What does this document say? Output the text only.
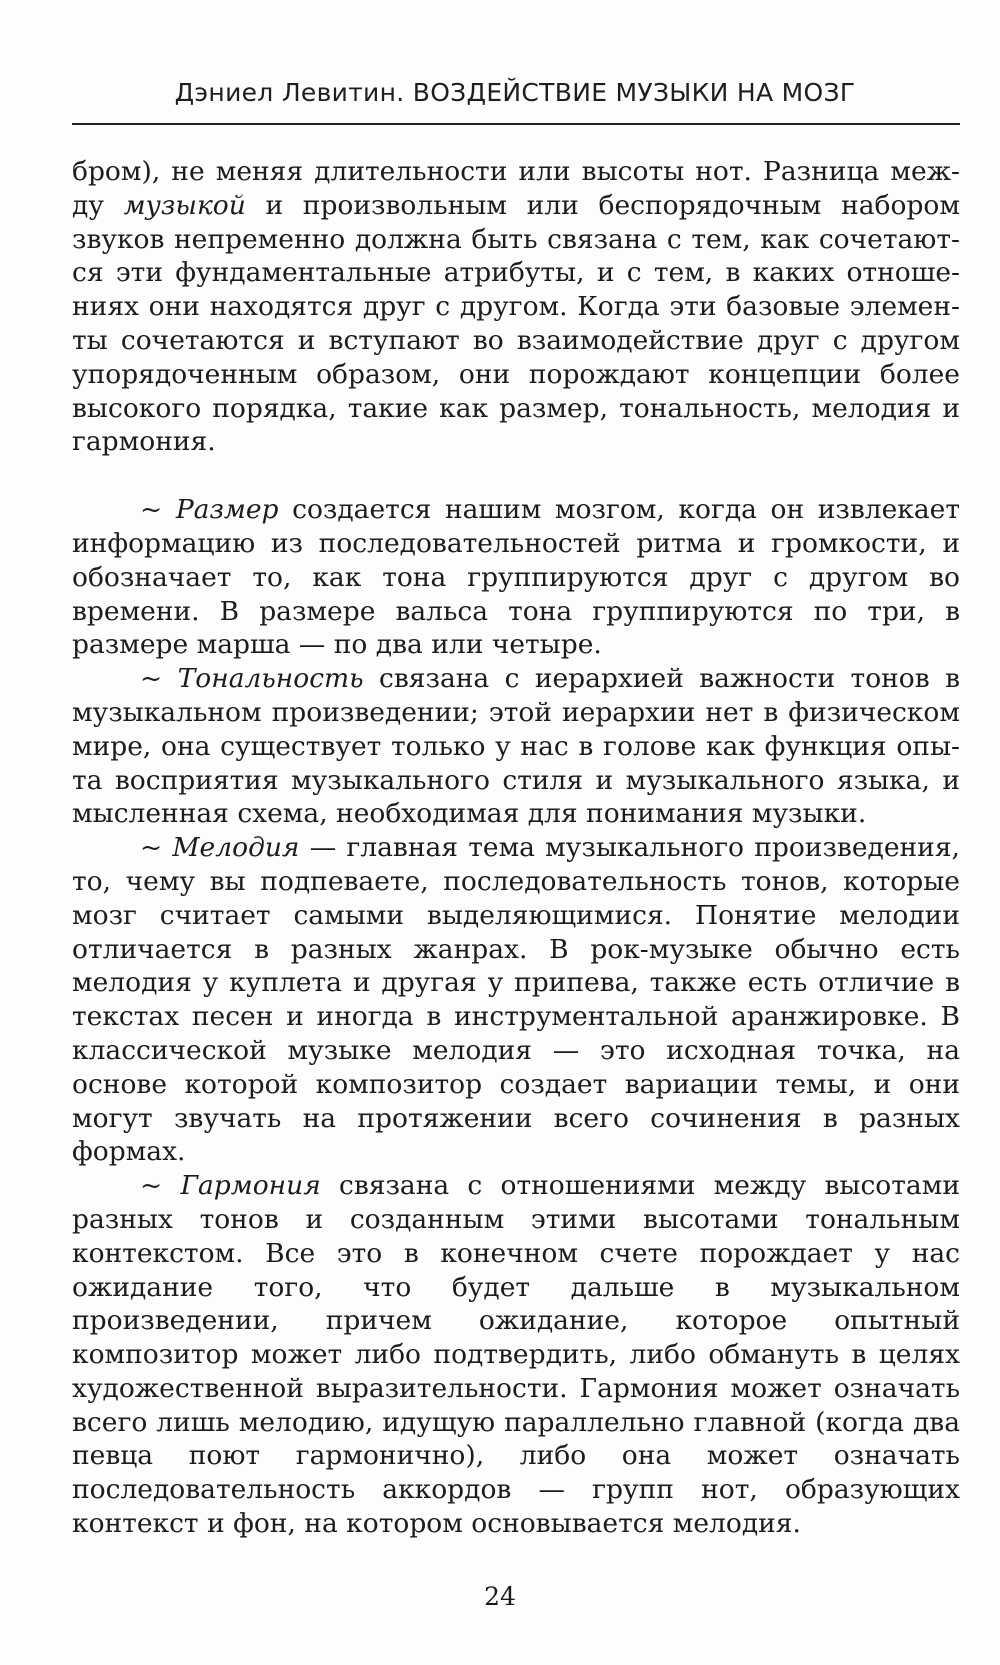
Дэниел Левитин. ВОЗДЕЙСТВИЕ МУЗЫКИ НА МОЗГ

бром), не меняя длительности или высоты нот. Разница между музыкой и произвольным или беспорядочным набором звуков непременно должна быть связана с тем, как сочетаются эти фундаментальные атрибуты, и с тем, в каких отношениях они находятся друг с другом. Когда эти базовые элементы сочетаются и вступают во взаимодействие друг с другом упорядоченным образом, они порождают концепции более высокого порядка, такие как размер, тональность, мелодия и гармония.

~ Размер создается нашим мозгом, когда он извлекает информацию из последовательностей ритма и громкости, и обозначает то, как тона группируются друг с другом во времени. В размере вальса тона группируются по три, в размере марша — по два или четыре.

~ Тональность связана с иерархией важности тонов в музыкальном произведении; этой иерархии нет в физическом мире, она существует только у нас в голове как функция опыта восприятия музыкального стиля и музыкального языка, и мысленная схема, необходимая для понимания музыки.

~ Мелодия — главная тема музыкального произведения, то, чему вы подпеваете, последовательность тонов, которые мозг считает самыми выделяющимися. Понятие мелодии отличается в разных жанрах. В рок-музыке обычно есть мелодия у куплета и другая у припева, также есть отличие в текстах песен и иногда в инструментальной аранжировке. В классической музыке мелодия — это исходная точка, на основе которой композитор создает вариации темы, и они могут звучать на протяжении всего сочинения в разных формах.

~ Гармония связана с отношениями между высотами разных тонов и созданным этими высотами тональным контекстом. Все это в конечном счете порождает у нас ожидание того, что будет дальше в музыкальном произведении, причем ожидание, которое опытный композитор может либо подтвердить, либо обмануть в целях художественной выразительности. Гармония может означать всего лишь мелодию, идущую параллельно главной (когда два певца поют гармонично), либо она может означать последовательность аккордов — групп нот, образующих контекст и фон, на котором основывается мелодия.

24
